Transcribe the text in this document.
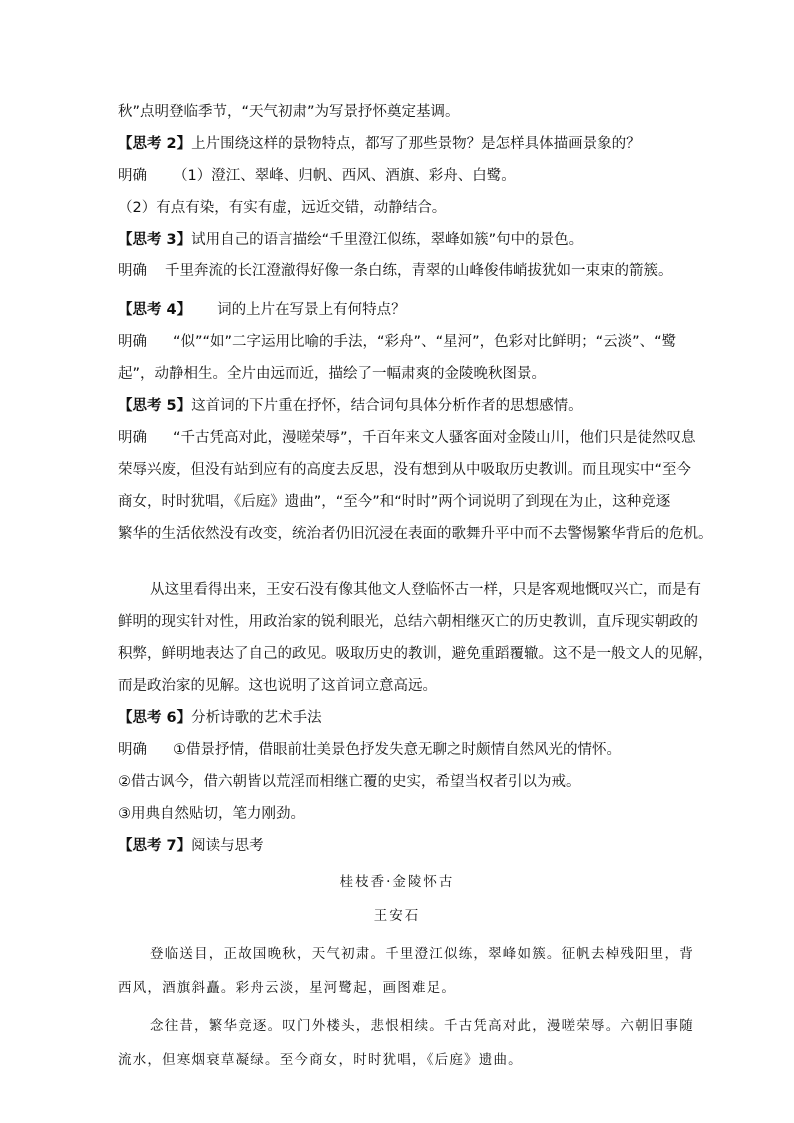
秋”点明登临季节，“天气初肃”为写景抒怀奠定基调。
【思考 2】上片围绕这样的景物特点，都写了那些景物？是怎样具体描画景象的？
明确 （1）澄江、翠峰、归帆、西风、酒旗、彩舟、白鹭。
（2）有点有染，有实有虚，远近交错，动静结合。
【思考 3】试用自己的语言描绘“千里澄江似练，翠峰如簇”句中的景色。
明确 千里奔流的长江澄澈得好像一条白练，青翠的山峰俊伟峭拔犹如一束束的箭簇。
【思考 4】 词的上片在写景上有何特点？
明确 “似”“如”二字运用比喻的手法，“彩舟”、“星河”，色彩对比鲜明；“云淡”、“鹭
起”，动静相生。全片由远而近，描绘了一幅肃爽的金陵晚秋图景。
【思考 5】这首词的下片重在抒怀，结合词句具体分析作者的思想感情。
明确 “千古凭高对此，漫嗟荣辱”，千百年来文人骚客面对金陵山川，他们只是徒然叹息
荣辱兴废，但没有站到应有的高度去反思，没有想到从中吸取历史教训。而且现实中“至今
商女，时时犹唱，《后庭》遗曲”，“至今”和“时时”两个词说明了到现在为止，这种竞逐
繁华的生活依然没有改变，统治者仍旧沉浸在表面的歌舞升平中而不去警惕繁华背后的危机。
从这里看得出来，王安石没有像其他文人登临怀古一样，只是客观地慨叹兴亡，而是有
鲜明的现实针对性，用政治家的锐利眼光，总结六朝相继灭亡的历史教训，直斥现实朝政的
积弊，鲜明地表达了自己的政见。吸取历史的教训，避免重蹈覆辙。这不是一般文人的见解，
而是政治家的见解。这也说明了这首词立意高远。
【思考 6】分析诗歌的艺术手法
明确 ①借景抒情，借眼前壮美景色抒发失意无聊之时颇情自然风光的情怀。
②借古讽今，借六朝皆以荒淫而相继亡覆的史实，希望当权者引以为戒。
③用典自然贴切，笔力刚劲。
【思考 7】阅读与思考
桂枝香·金陵怀古
王安石
登临送目，正故国晚秋，天气初肃。千里澄江似练，翠峰如簇。征帆去棹残阳里，背
西风，酒旗斜矗。彩舟云淡，星河鹭起，画图难足。
念往昔，繁华竞逐。叹门外楼头，悲恨相续。千古凭高对此，漫嗟荣辱。六朝旧事随
流水，但寒烟衰草凝绿。至今商女，时时犹唱，《后庭》遗曲。
